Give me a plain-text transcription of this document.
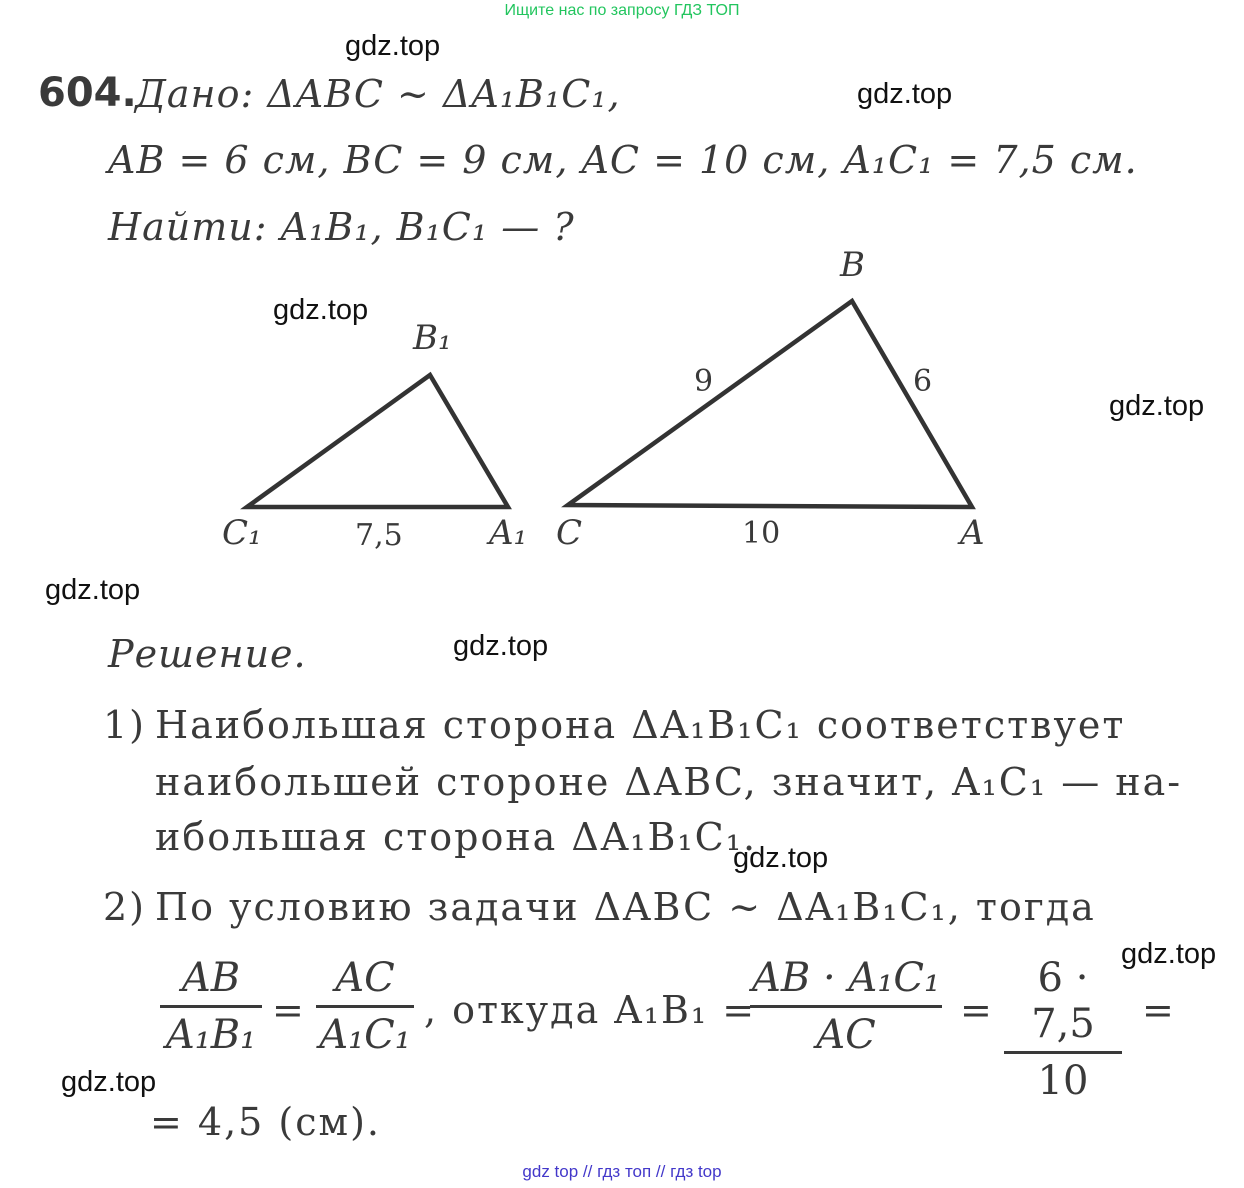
Ищите нас по запросу ГДЗ ТОП
gdz.top
gdz.top
gdz.top
gdz.top
gdz.top
gdz.top
gdz.top
gdz.top
gdz.top
604.
Дано: ΔABC ~ ΔA₁B₁C₁,
AB = 6 см, BC = 9 см, AC = 10 см, A₁C₁ = 7,5 см.
Найти: A₁B₁, B₁C₁ — ?
B₁
C₁	A₁
7,5
B
C	A
9	6
10
Решение.
1) Наибольшая сторона ΔA₁B₁C₁ соответствует
наибольшей стороне ΔABC, значит, A₁C₁ — на-
ибольшая сторона ΔA₁B₁C₁.
2) По условию задачи ΔABC ~ ΔA₁B₁C₁, тогда
AB
A₁B₁
=
AC
A₁C₁
, откуда A₁B₁ =
AB · A₁C₁
AC
=
6 · 7,5
10
=
= 4,5 (см).
gdz top // гдз топ // гдз top
